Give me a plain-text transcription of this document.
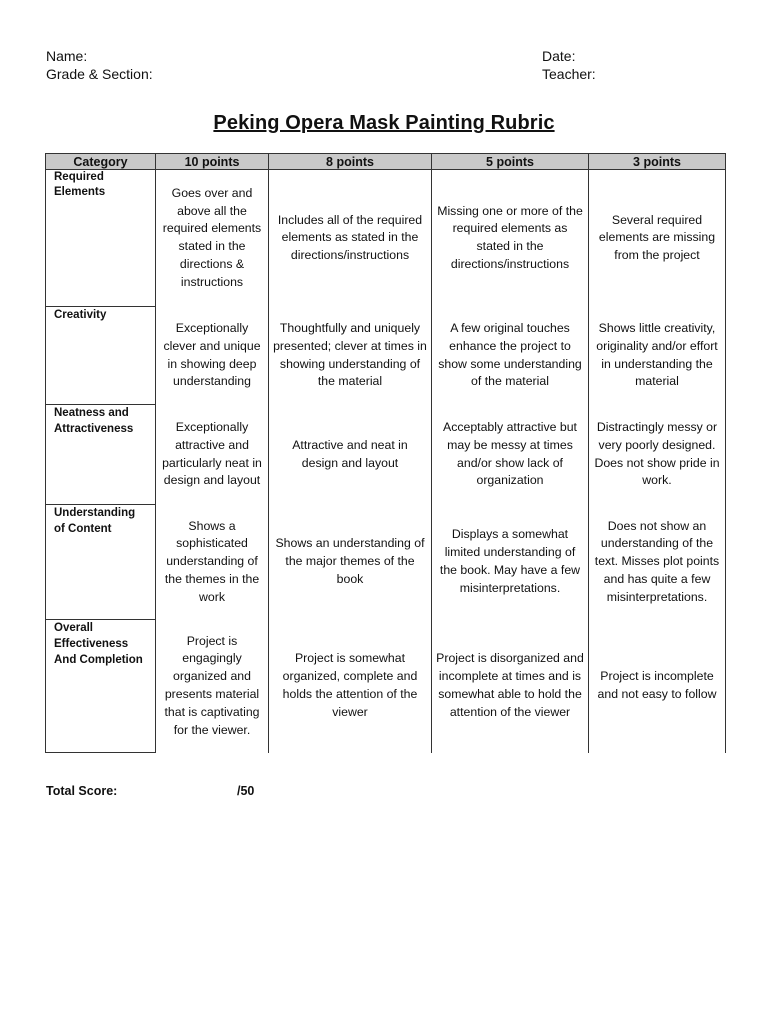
Name:
Grade & Section:
Date:
Teacher:
Peking Opera Mask Painting Rubric
Category	10 points	8 points	5 points	3 points
Required Elements	Goes over and above all the required elements stated in the directions & instructions	Includes all of the required elements as stated in the directions/instructions	Missing one or more of the required elements as stated in the directions/instructions	Several required elements are missing from the project
Creativity	Exceptionally clever and unique in showing deep understanding	Thoughtfully and uniquely presented; clever at times in showing understanding of the material	A few original touches enhance the project to show some understanding of the material	Shows little creativity, originality and/or effort in understanding the material
Neatness and Attractiveness	Exceptionally attractive and particularly neat in design and layout	Attractive and neat in design and layout	Acceptably attractive but may be messy at times and/or show lack of organization	Distractingly messy or very poorly designed. Does not show pride in work.
Understanding of Content	Shows a sophisticated understanding of the themes in the work	Shows an understanding of the major themes of the book	Displays a somewhat limited understanding of the book. May have a few misinterpretations.	Does not show an understanding of the text. Misses plot points and has quite a few misinterpretations.
Overall Effectiveness And Completion	Project is engagingly organized and presents material that is captivating for the viewer.	Project is somewhat organized, complete and holds the attention of the viewer	Project is disorganized and incomplete at times and is somewhat able to hold the attention of the viewer	Project is incomplete and not easy to follow
Total Score:	/50
